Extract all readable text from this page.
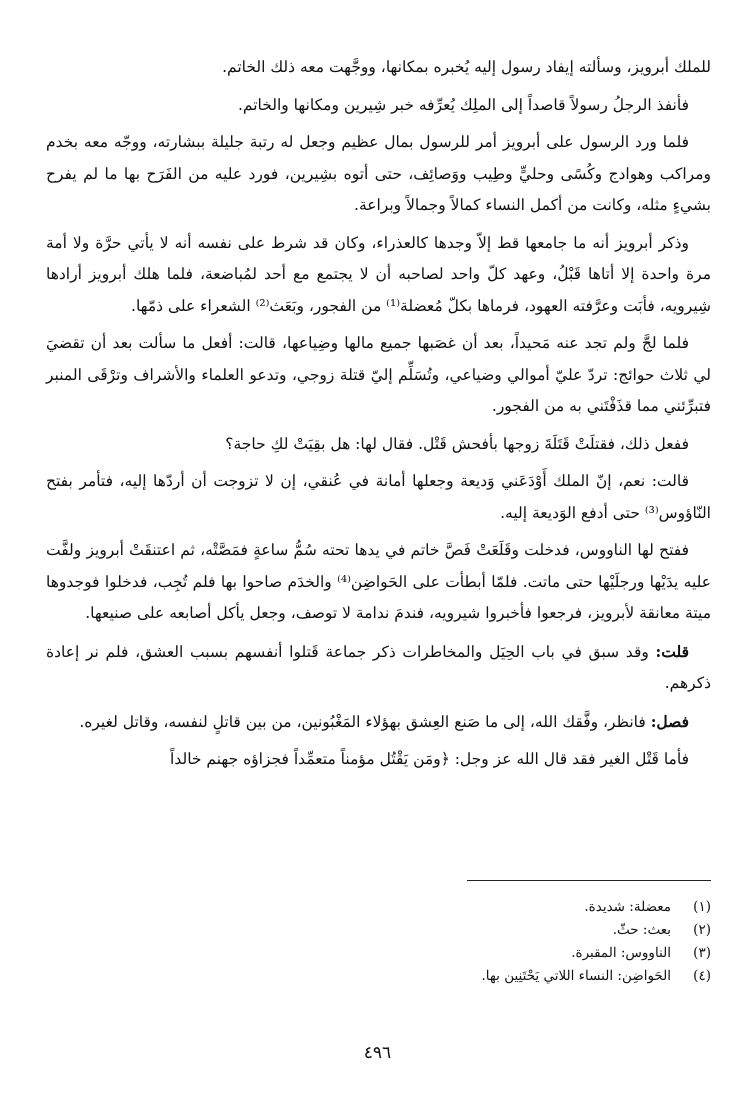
للملك أبرويز، وسألته إيفاد رسول إليه يُخبره بمكانها، ووجَّهت معه ذلك الخاتم.

فأنفذ الرجلُ رسولاً قاصداً إلى الملِك يُعرِّفه خبر شِيرين ومكانها والخاتم.

فلما ورد الرسول على أبرويز أمر للرسول بمال عظيم وجعل له رتبة جليلة ببشارته، ووجّه معه بخدم ومراكب وهوادج وكُسًى وحليٍّ وطِيب ووَصائِف، حتى أتوه بشِيرين، فورد عليه من الفَرَح بها ما لم يفرح بشيءٍ مثله، وكانت من أكمل النساء كمالاً وجمالاً وبراعة.

وذكر أبرويز أنه ما جامعها قط إلاّ وجدها كالعذراء، وكان قد شرط على نفسه أنه لا يأتي حرَّة ولا أمة مرة واحدة إلا أتاها قَبْلُ، وعهد كلّ واحد لصاحبه أن لا يجتمع مع أحد لمُباضعة، فلما هلك أبرويز أرادها شِيرويه، فأبَت وعرَّفته العهود، فرماها بكلّ مُعضلة⁽¹⁾ من الفجور، وبَعَث⁽²⁾ الشعراء على ذمّها.

فلما لجَّ ولم تجد عنه مَحيداً، بعد أن غصَبها جميع مالها وضِياعها، قالت: أفعل ما سألت بعد أن تقضيَ لي ثلاث حوائج: تردّ عليّ أموالي وضياعي، وتُسَلِّم إليّ قتلة زوجي، وتدعو العلماء والأشراف وترْقَى المنبر فتبرِّئني مما قذَفْتَني به من الفجور.

ففعل ذلك، فقتلَتْ قَتَلَةَ زوجها بأفحش قَتْل. فقال لها: هل بقِيَتْ لكِ حاجة؟

قالت: نعم، إنّ الملك أَوْدَعَني وَديعة وجعلها أمانة في عُنقي، إن لا تزوجت أن أردّها إليه، فتأمر بفتح النّاؤوس⁽³⁾ حتى أدفع الوَديعة إليه.

ففتح لها الناووس، فدخلت وقَلَعَتْ فَصَّ خاتم في يدها تحته سُمُّ ساعةٍ فمَصَّتْه، ثم اعتنقَتْ أبرويز ولفَّت عليه يدَيْها ورجلَيْها حتى ماتت. فلمّا أبطأت على الحَواضِن⁽⁴⁾ والخدَم صاحوا بها فلم تُجِب، فدخلوا فوجدوها ميتة معانقة لأبرويز، فرجعوا فأخبروا شيرويه، فندمَ ندامة لا توصف، وجعل يأكل أصابعه على صنيعها.

قلت: وقد سبق في باب الحِيَل والمخاطرات ذكر جماعة قَتلوا أنفسهم بسبب العشق، فلم نر إعادة ذكرهم.

فصل: فانظر، وفَّقك الله، إلى ما صَنع العِشق بهؤلاء المَغْبُونين، من بين قاتلٍ لنفسه، وقاتل لغيره.

فأما قَتْل الغير فقد قال الله عز وجل: ﴿ومَن يَقْتُل مؤمناً متعمِّداً فجزاؤه جهنم خالداً

(١)
معضلة: شديدة.
(٢)
بعث: حثّ.
(٣)
الناووس: المقبرة.
(٤)
الحَواضِن: النساء اللاتي يَحْتَنِين بها.
٤٩٦
